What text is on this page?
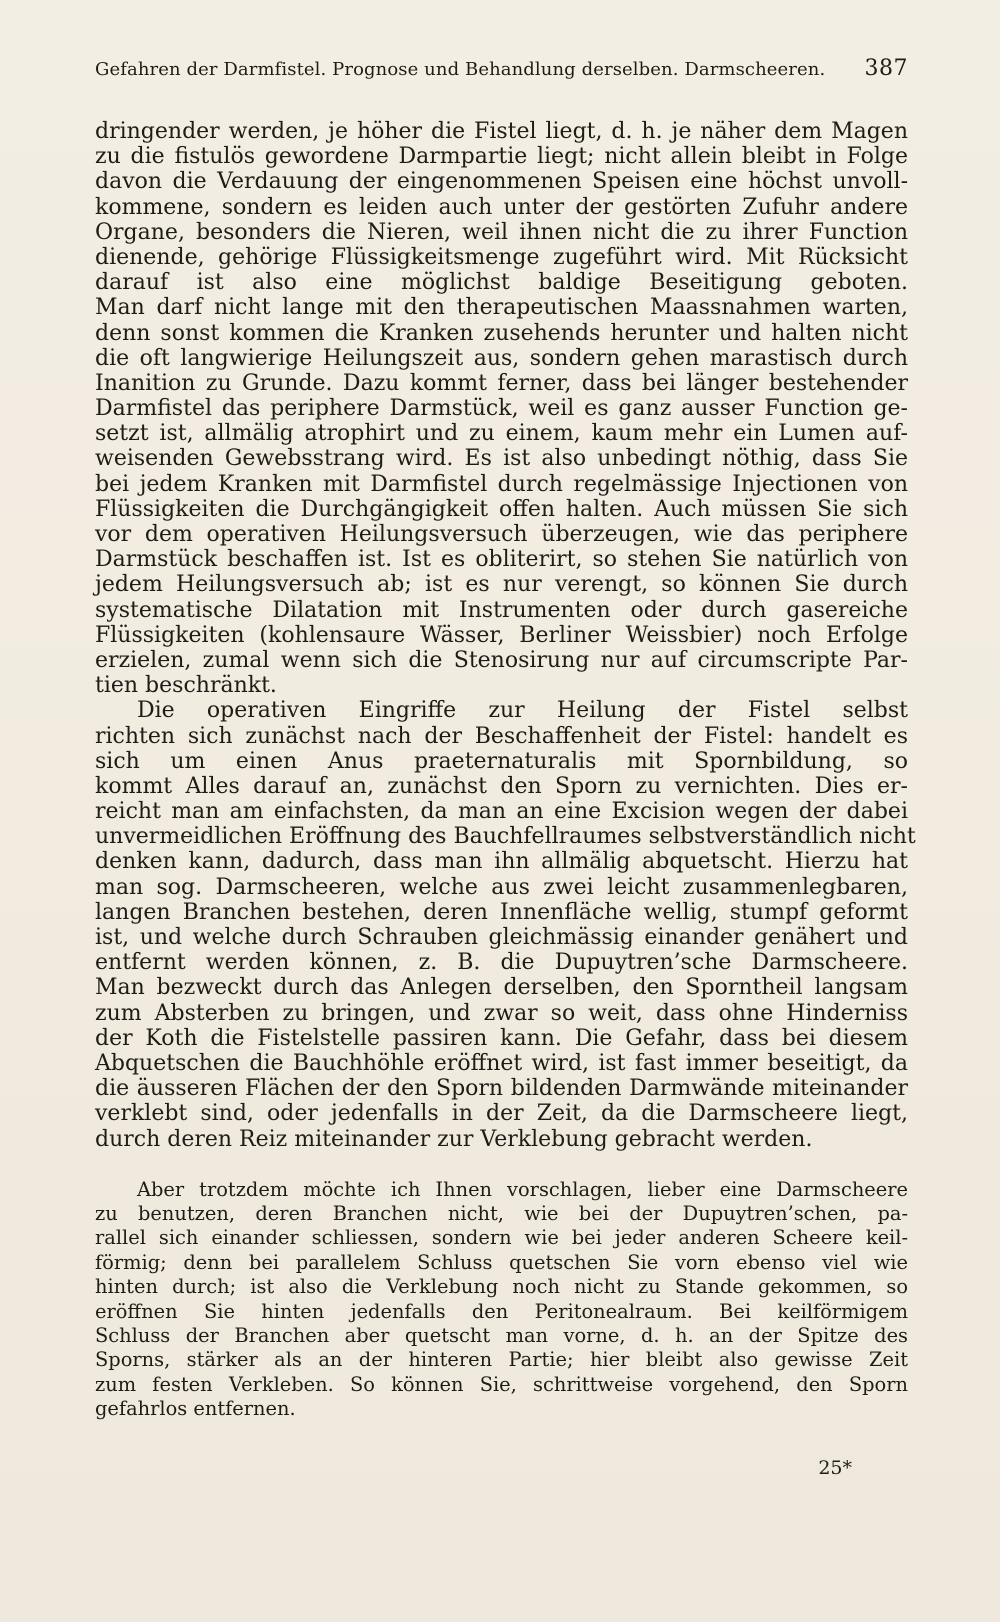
Gefahren der Darmfistel. Prognose und Behandlung derselben. Darmscheeren. 387

dringender werden, je höher die Fistel liegt, d. h. je näher dem Magen
zu die fistulös gewordene Darmpartie liegt; nicht allein bleibt in Folge
davon die Verdauung der eingenommenen Speisen eine höchst unvoll-
kommene, sondern es leiden auch unter der gestörten Zufuhr andere
Organe, besonders die Nieren, weil ihnen nicht die zu ihrer Function
dienende, gehörige Flüssigkeitsmenge zugeführt wird. Mit Rücksicht
darauf ist also eine möglichst baldige Beseitigung geboten.
Man darf nicht lange mit den therapeutischen Maassnahmen warten,
denn sonst kommen die Kranken zusehends herunter und halten nicht
die oft langwierige Heilungszeit aus, sondern gehen marastisch durch
Inanition zu Grunde. Dazu kommt ferner, dass bei länger bestehender
Darmfistel das periphere Darmstück, weil es ganz ausser Function ge-
setzt ist, allmälig atrophirt und zu einem, kaum mehr ein Lumen auf-
weisenden Gewebsstrang wird. Es ist also unbedingt nöthig, dass Sie
bei jedem Kranken mit Darmfistel durch regelmässige Injectionen von
Flüssigkeiten die Durchgängigkeit offen halten. Auch müssen Sie sich
vor dem operativen Heilungsversuch überzeugen, wie das periphere
Darmstück beschaffen ist. Ist es obliterirt, so stehen Sie natürlich von
jedem Heilungsversuch ab; ist es nur verengt, so können Sie durch
systematische Dilatation mit Instrumenten oder durch gasereiche
Flüssigkeiten (kohlensaure Wässer, Berliner Weissbier) noch Erfolge
erzielen, zumal wenn sich die Stenosirung nur auf circumscripte Par-
tien beschränkt.

Die operativen Eingriffe zur Heilung der Fistel selbst
richten sich zunächst nach der Beschaffenheit der Fistel: handelt es
sich um einen Anus praeternaturalis mit Spornbildung, so
kommt Alles darauf an, zunächst den Sporn zu vernichten. Dies er-
reicht man am einfachsten, da man an eine Excision wegen der dabei
unvermeidlichen Eröffnung des Bauchfellraumes selbstverständlich nicht
denken kann, dadurch, dass man ihn allmälig abquetscht. Hierzu hat
man sog. Darmscheeren, welche aus zwei leicht zusammenlegbaren,
langen Branchen bestehen, deren Innenfläche wellig, stumpf geformt
ist, und welche durch Schrauben gleichmässig einander genähert und
entfernt werden können, z. B. die Dupuytren’sche Darmscheere.
Man bezweckt durch das Anlegen derselben, den Sporntheil langsam
zum Absterben zu bringen, und zwar so weit, dass ohne Hinderniss
der Koth die Fistelstelle passiren kann. Die Gefahr, dass bei diesem
Abquetschen die Bauchhöhle eröffnet wird, ist fast immer beseitigt, da
die äusseren Flächen der den Sporn bildenden Darmwände miteinander
verklebt sind, oder jedenfalls in der Zeit, da die Darmscheere liegt,
durch deren Reiz miteinander zur Verklebung gebracht werden.

Aber trotzdem möchte ich Ihnen vorschlagen, lieber eine Darmscheere
zu benutzen, deren Branchen nicht, wie bei der Dupuytren’schen, pa-
rallel sich einander schliessen, sondern wie bei jeder anderen Scheere keil-
förmig; denn bei parallelem Schluss quetschen Sie vorn ebenso viel wie
hinten durch; ist also die Verklebung noch nicht zu Stande gekommen, so
eröffnen Sie hinten jedenfalls den Peritonealraum. Bei keilförmigem
Schluss der Branchen aber quetscht man vorne, d. h. an der Spitze des
Sporns, stärker als an der hinteren Partie; hier bleibt also gewisse Zeit
zum festen Verkleben. So können Sie, schrittweise vorgehend, den Sporn
gefahrlos entfernen.

25*
